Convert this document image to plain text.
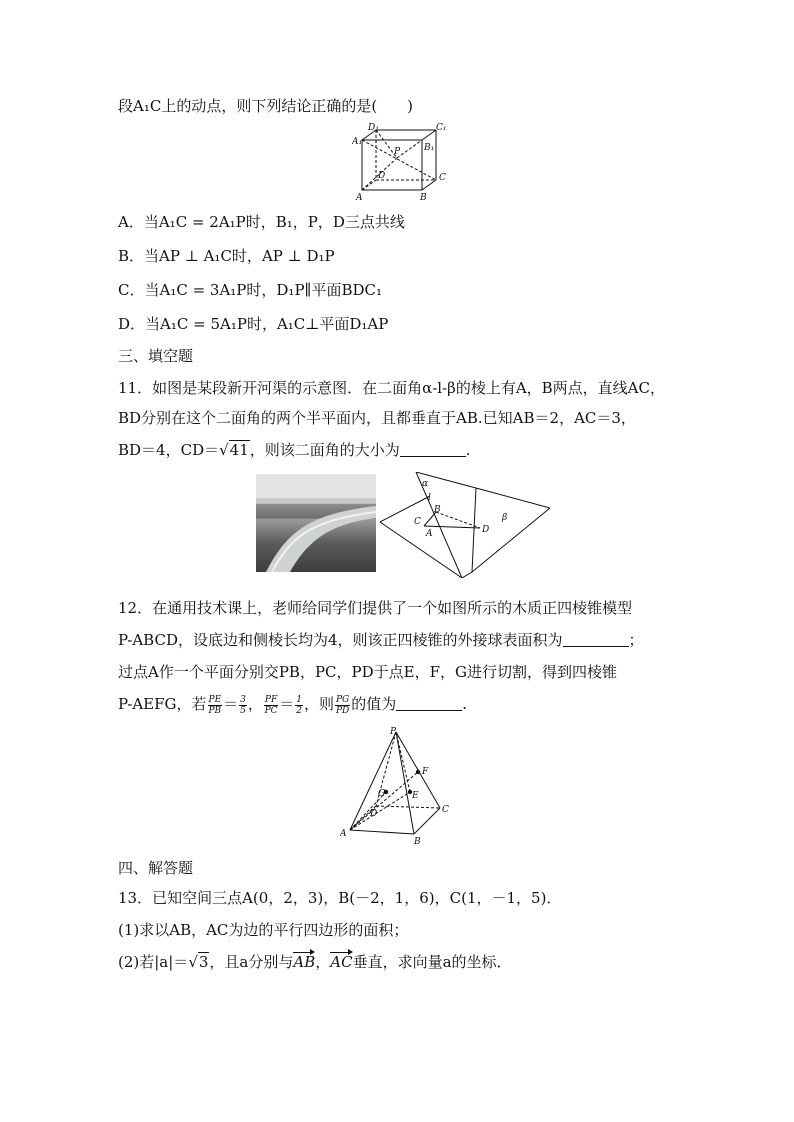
段A₁C上的动点，则下列结论正确的是(　　)
D₁	C₁
A₁
P	B₁
D	C
A	B
A．当A₁C = 2A₁P时，B₁，P，D三点共线
B．当AP ⊥ A₁C时，AP ⊥ D₁P
C．当A₁C = 3A₁P时，D₁P∥平面BDC₁
D．当A₁C = 5A₁P时，A₁C⊥平面D₁AP
三、填空题
11．如图是某段新开河渠的示意图．在二面角α-l-β的棱上有A，B两点，直线AC，
BD分别在这个二面角的两个半平面内，且都垂直于AB.已知AB＝2，AC＝3，
BD＝4，CD＝√41，则该二面角的大小为	.
α
l
B
C
A	D
β
12．在通用技术课上，老师给同学们提供了一个如图所示的木质正四棱锥模型
P-ABCD，设底边和侧棱长均为4，则该正四棱锥的外接球表面积为	；
过点A作一个平面分别交PB，PC，PD于点E，F，G进行切割，得到四棱锥
P-AEFG，若 $\frac{PE}{PB} = \frac{3}{5}$ ， $\frac{PF}{PC} = \frac{1}{2}$ ，则 $\frac{PG}{PD}$ 的值为	.
P
F
G	E
D	C
A
B
四、解答题
13．已知空间三点A(0，2，3)，B(－2，1，6)，C(1，－1，5)．
(1)求以AB，AC为边的平行四边形的面积；
(2)若|a|＝√3，且a分别与AB，AC垂直，求向量a的坐标．
